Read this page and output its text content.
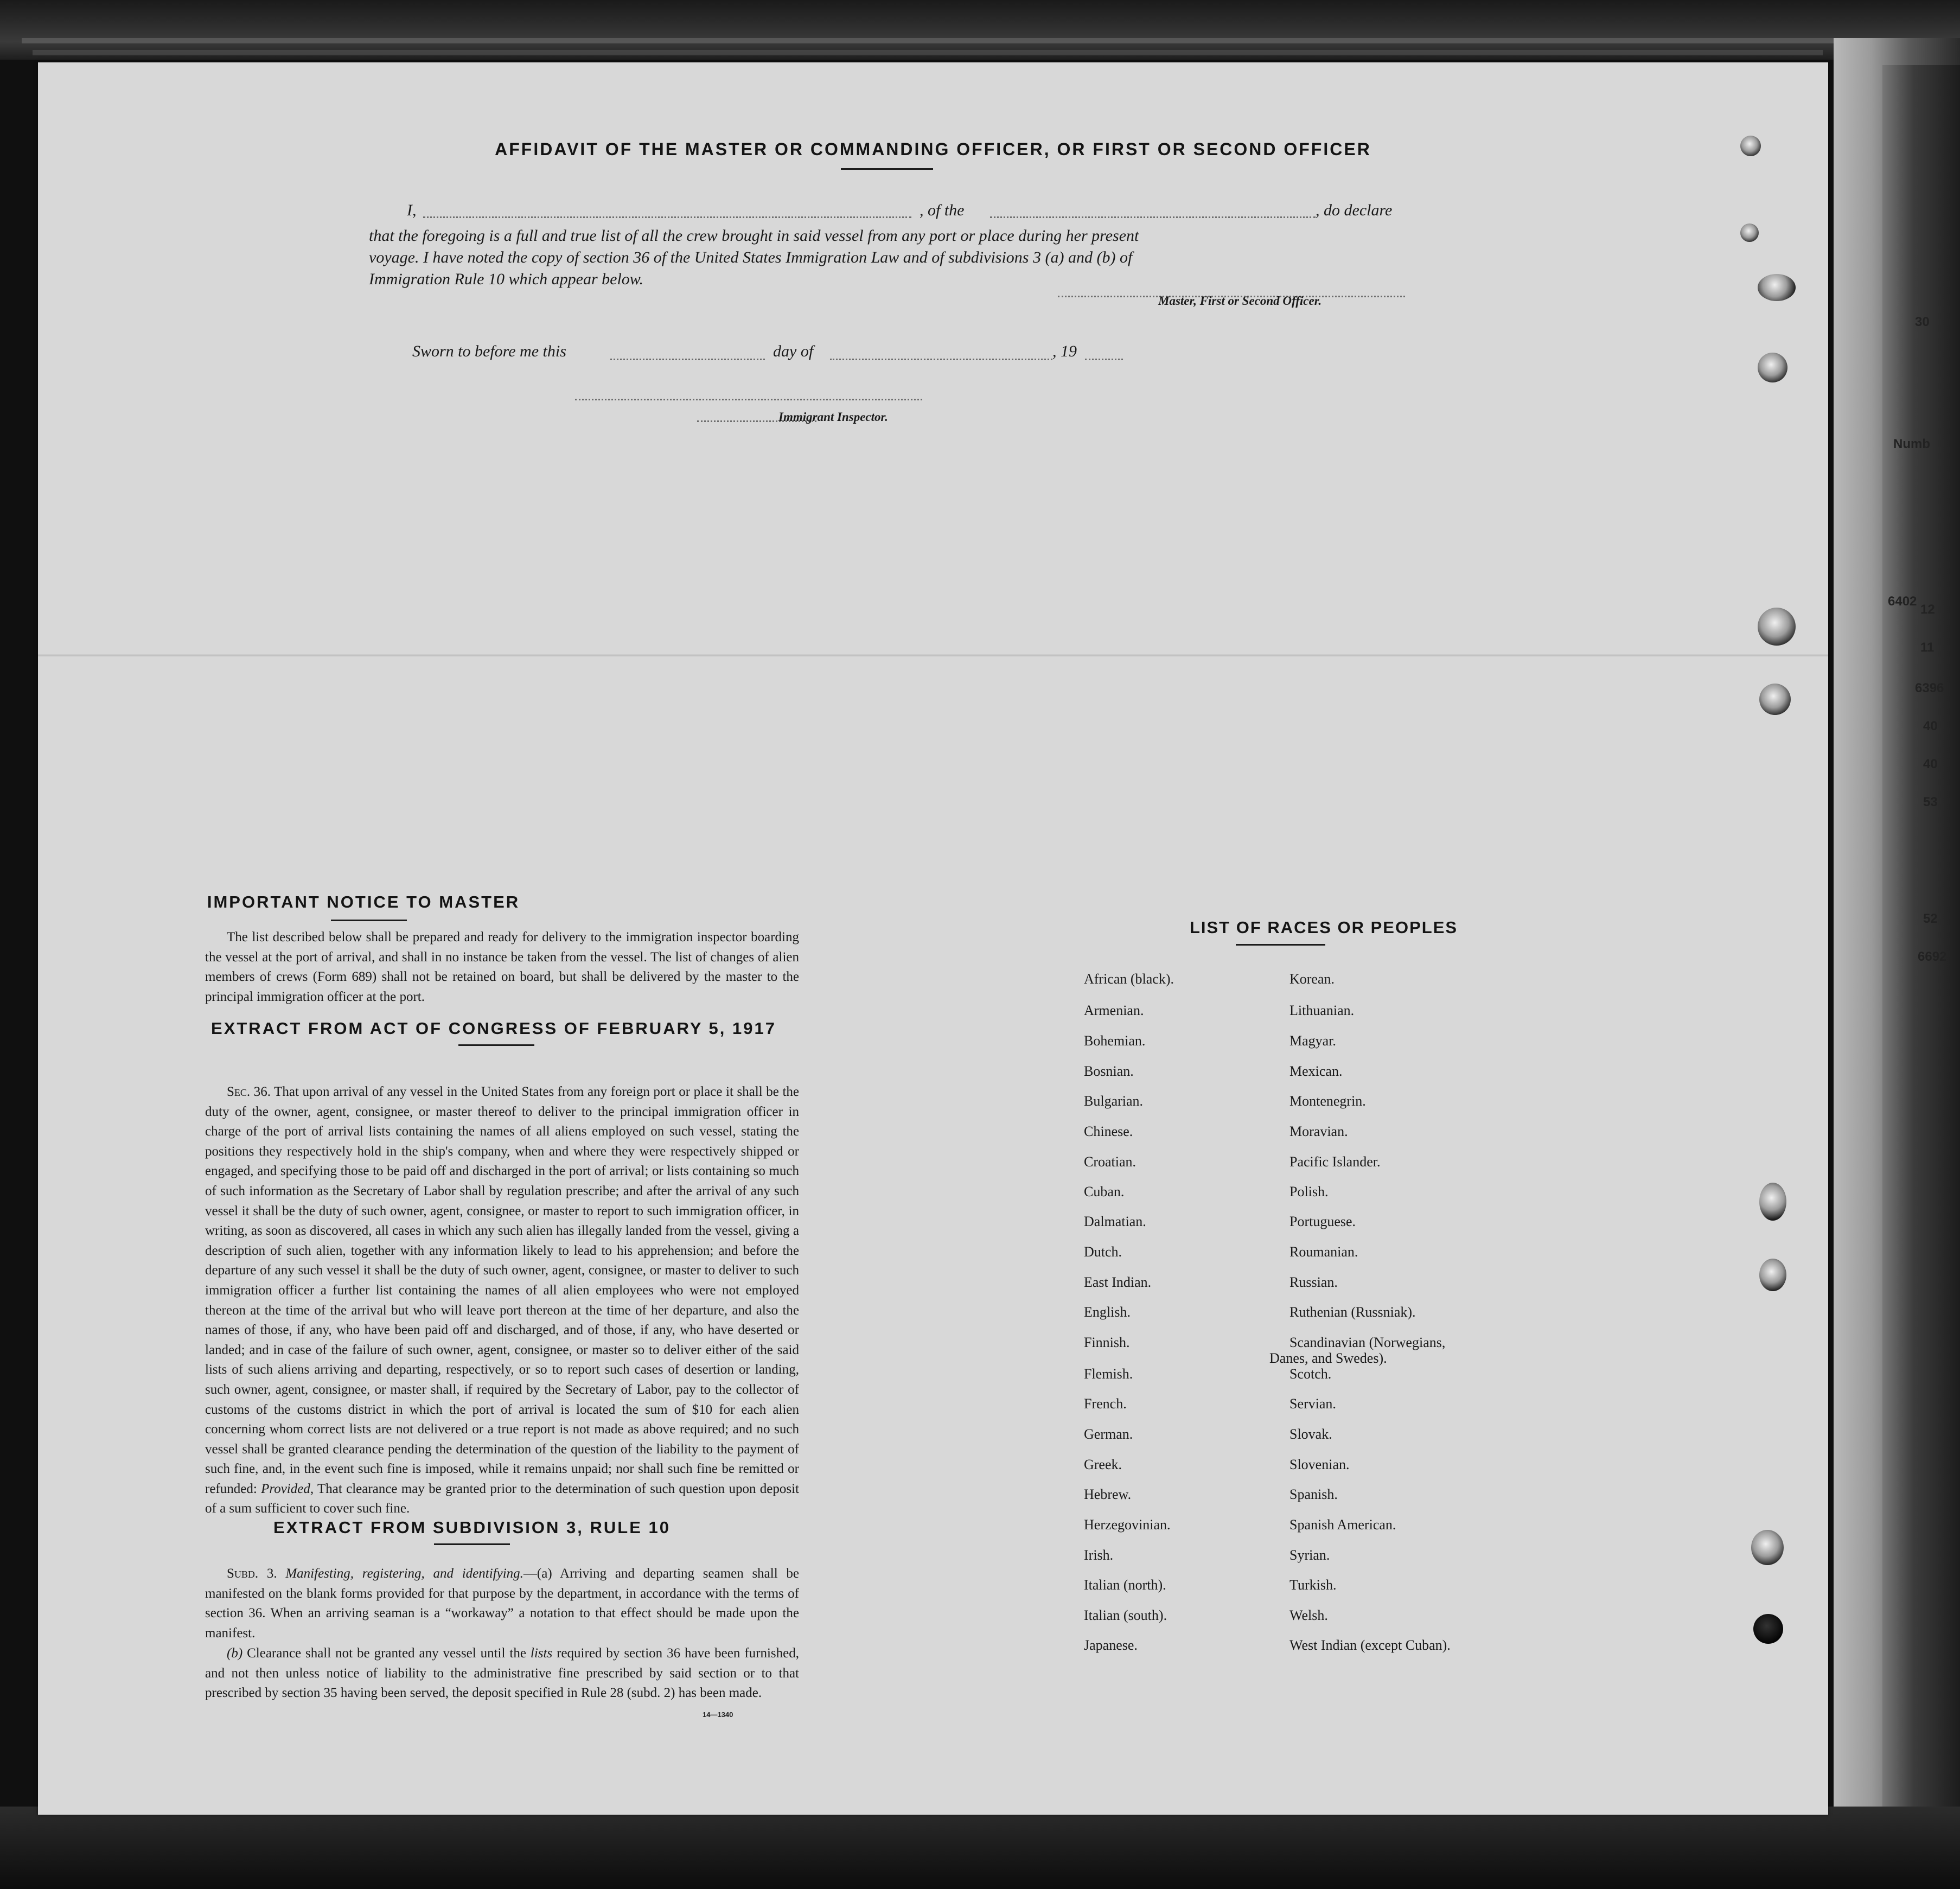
30
Numb
6402
12
11
6396
40
40
53
52
6692
AFFIDAVIT OF THE MASTER OR COMMANDING OFFICER, OR FIRST OR SECOND OFFICER
I,	, of the	, do declare
that the foregoing is a full and true list of all the crew brought in said vessel from any port or place during her present
voyage. I have noted the copy of section 36 of the United States Immigration Law and of subdivisions 3 (a) and (b) of
Immigration Rule 10 which appear below.
Master, First or Second Officer.
Sworn to before me this	day of	, 19
Immigrant Inspector.
IMPORTANT NOTICE TO MASTER
The list described below shall be prepared and ready for delivery to the immigration inspector boarding the vessel at the port of arrival, and shall in no instance be taken from the vessel. The list of changes of alien members of crews (Form 689) shall not be retained on board, but shall be delivered by the master to the principal immigration officer at the port.
EXTRACT FROM ACT OF CONGRESS OF FEBRUARY 5, 1917
Sec. 36. That upon arrival of any vessel in the United States from any foreign port or place it shall be the duty of the owner, agent, consignee, or master thereof to deliver to the principal immigration officer in charge of the port of arrival lists containing the names of all aliens employed on such vessel, stating the positions they respectively hold in the ship's company, when and where they were respectively shipped or engaged, and specifying those to be paid off and discharged in the port of arrival; or lists containing so much of such information as the Secretary of Labor shall by regulation prescribe; and after the arrival of any such vessel it shall be the duty of such owner, agent, consignee, or master to report to such immigration officer, in writing, as soon as discovered, all cases in which any such alien has illegally landed from the vessel, giving a description of such alien, together with any information likely to lead to his apprehension; and before the departure of any such vessel it shall be the duty of such owner, agent, consignee, or master to deliver to such immigration officer a further list containing the names of all alien employees who were not employed thereon at the time of the arrival but who will leave port thereon at the time of her departure, and also the names of those, if any, who have been paid off and discharged, and of those, if any, who have deserted or landed; and in case of the failure of such owner, agent, consignee, or master so to deliver either of the said lists of such aliens arriving and departing, respectively, or so to report such cases of desertion or landing, such owner, agent, consignee, or master shall, if required by the Secretary of Labor, pay to the collector of customs of the customs district in which the port of arrival is located the sum of $10 for each alien concerning whom correct lists are not delivered or a true report is not made as above required; and no such vessel shall be granted clearance pending the determination of the question of the liability to the payment of such fine, and, in the event such fine is imposed, while it remains unpaid; nor shall such fine be remitted or refunded: Provided, That clearance may be granted prior to the determination of such question upon deposit of a sum sufficient to cover such fine.
EXTRACT FROM SUBDIVISION 3, RULE 10
Subd. 3. Manifesting, registering, and identifying.—(a) Arriving and departing seamen shall be manifested on the blank forms provided for that purpose by the department, in accordance with the terms of section 36. When an arriving seaman is a “workaway” a notation to that effect should be made upon the manifest.
(b) Clearance shall not be granted any vessel until the lists required by section 36 have been furnished, and not then unless notice of liability to the administrative fine prescribed by said section or to that prescribed by section 35 having been served, the deposit specified in Rule 28 (subd. 2) has been made.
14—1340
LIST OF RACES OR PEOPLES
African (black).
Armenian.
Bohemian.
Bosnian.
Bulgarian.
Chinese.
Croatian.
Cuban.
Dalmatian.
Dutch.
East Indian.
English.
Finnish.
Flemish.
French.
German.
Greek.
Hebrew.
Herzegovinian.
Irish.
Italian (north).
Italian (south).
Japanese.
Korean.
Lithuanian.
Magyar.
Mexican.
Montenegrin.
Moravian.
Pacific Islander.
Polish.
Portuguese.
Roumanian.
Russian.
Ruthenian (Russniak).
Scandinavian (Norwegians,
Danes, and Swedes).
Scotch.
Servian.
Slovak.
Slovenian.
Spanish.
Spanish American.
Syrian.
Turkish.
Welsh.
West Indian (except Cuban).
